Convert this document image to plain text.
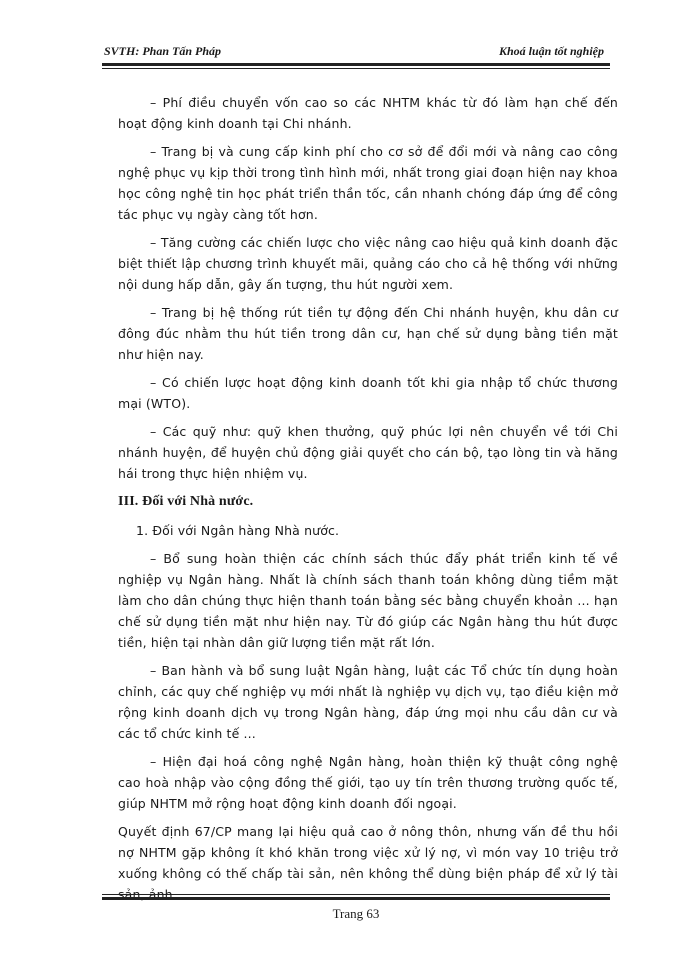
SVTH: Phan Tấn Pháp	Khoá luận tốt nghiệp

– Phí điều chuyển vốn cao so các NHTM khác từ đó làm hạn chế đến hoạt động kinh doanh tại Chi nhánh.

– Trang bị và cung cấp kinh phí cho cơ sở để đổi mới và nâng cao công nghệ phục vụ kịp thời trong tình hình mới, nhất trong giai đoạn hiện nay khoa học công nghệ tin học phát triển thần tốc, cần nhanh chóng đáp ứng để công tác phục vụ ngày càng tốt hơn.

– Tăng cường các chiến lược cho việc nâng cao hiệu quả kinh doanh đặc biệt thiết lập chương trình khuyết mãi, quảng cáo cho cả hệ thống với những nội dung hấp dẫn, gây ấn tượng, thu hút người xem.

– Trang bị hệ thống rút tiền tự động đến Chi nhánh huyện, khu dân cư đông đúc nhằm thu hút tiền trong dân cư, hạn chế sử dụng bằng tiền mặt như hiện nay.

– Có chiến lược hoạt động kinh doanh tốt khi gia nhập tổ chức thương mại (WTO).

– Các quỹ như: quỹ khen thưởng, quỹ phúc lợi nên chuyển về tới Chi nhánh huyện, để huyện chủ động giải quyết cho cán bộ, tạo lòng tin và hăng hái trong thực hiện nhiệm vụ.

III. Đối với Nhà nước.

1. Đối với Ngân hàng Nhà nước.

– Bổ sung hoàn thiện các chính sách thúc đẩy phát triển kinh tế về nghiệp vụ Ngân hàng. Nhất là chính sách thanh toán không dùng tiềm mặt làm cho dân chúng thực hiện thanh toán bằng séc bằng chuyển khoản ... hạn chế sử dụng tiền mặt như hiện nay. Từ đó giúp các Ngân hàng thu hút được tiền, hiện tại nhàn dân giữ lượng tiền mặt rất lớn.

– Ban hành và bổ sung luật Ngân hàng, luật các Tổ chức tín dụng hoàn chỉnh, các quy chế nghiệp vụ mới nhất là nghiệp vụ dịch vụ, tạo điều kiện mở rộng kinh doanh dịch vụ trong Ngân hàng, đáp ứng mọi nhu cầu dân cư và các tổ chức kinh tế ...

– Hiện đại hoá công nghệ Ngân hàng, hoàn thiện kỹ thuật công nghệ cao hoà nhập vào cộng đồng thế giới, tạo uy tín trên thương trường quốc tế, giúp NHTM mở rộng hoạt động kinh doanh đối ngoại.

Quyết định 67/CP mang lại hiệu quả cao ở nông thôn, nhưng vấn đề thu hồi nợ NHTM gặp không ít khó khăn trong việc xử lý nợ, vì món vay 10 triệu trở xuống không có thế chấp tài sản, nên không thể dùng biện pháp để xử lý tài

Trang 63
